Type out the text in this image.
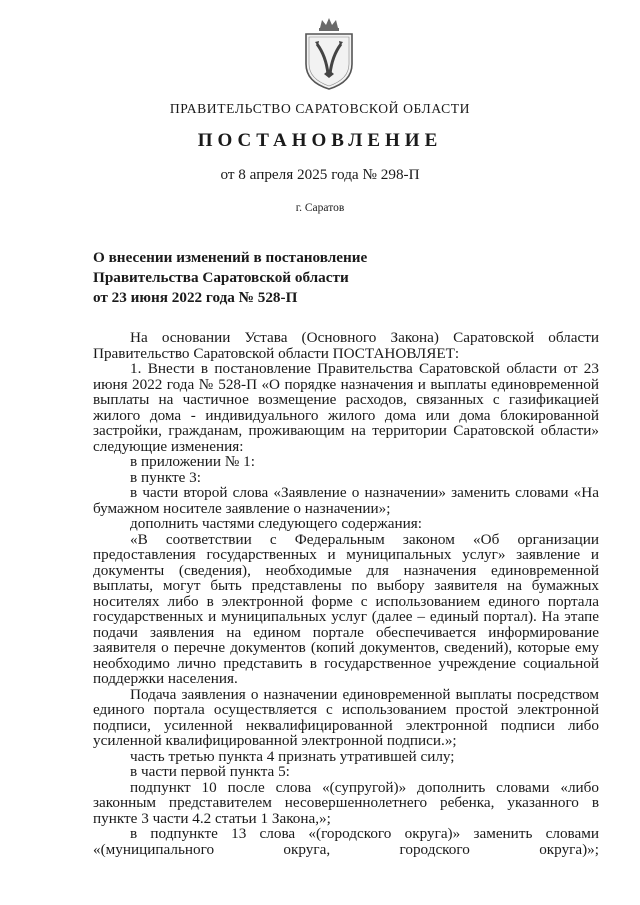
ПРАВИТЕЛЬСТВО САРАТОВСКОЙ ОБЛАСТИ
ПОСТАНОВЛЕНИЕ
от 8 апреля 2025 года № 298-П
г. Саратов
О внесении изменений в постановление
Правительства Саратовской области
от 23 июня 2022 года № 528-П

На основании Устава (Основного Закона) Саратовской области Правительство Саратовской области ПОСТАНОВЛЯЕТ:

1. Внести в постановление Правительства Саратовской области от 23 июня 2022 года № 528-П «О порядке назначения и выплаты единовременной выплаты на частичное возмещение расходов, связанных с газификацией жилого дома - индивидуального жилого дома или дома блокированной застройки, гражданам, проживающим на территории Саратовской области» следующие изменения:

в приложении № 1:

в пункте 3:

в части второй слова «Заявление о назначении» заменить словами «На бумажном носителе заявление о назначении»;

дополнить частями следующего содержания:

«В соответствии с Федеральным законом «Об организации предоставления государственных и муниципальных услуг» заявление и документы (сведения), необходимые для назначения единовременной выплаты, могут быть представлены по выбору заявителя на бумажных носителях либо в электронной форме с использованием единого портала государственных и муниципальных услуг (далее – единый портал). На этапе подачи заявления на едином портале обеспечивается информирование заявителя о перечне документов (копий документов, сведений), которые ему необходимо лично представить в государственное учреждение социальной поддержки населения.

Подача заявления о назначении единовременной выплаты посредством единого портала осуществляется с использованием простой электронной подписи, усиленной неквалифицированной электронной подписи либо усиленной квалифицированной электронной подписи.»;

часть третью пункта 4 признать утратившей силу;

в части первой пункта 5:

подпункт 10 после слова «(супругой)» дополнить словами «либо законным представителем несовершеннолетнего ребенка, указанного в пункте 3 части 4.2 статьи 1 Закона,»;

в подпункте 13 слова «(городского округа)» заменить словами «(муниципального округа, городского округа)»;
